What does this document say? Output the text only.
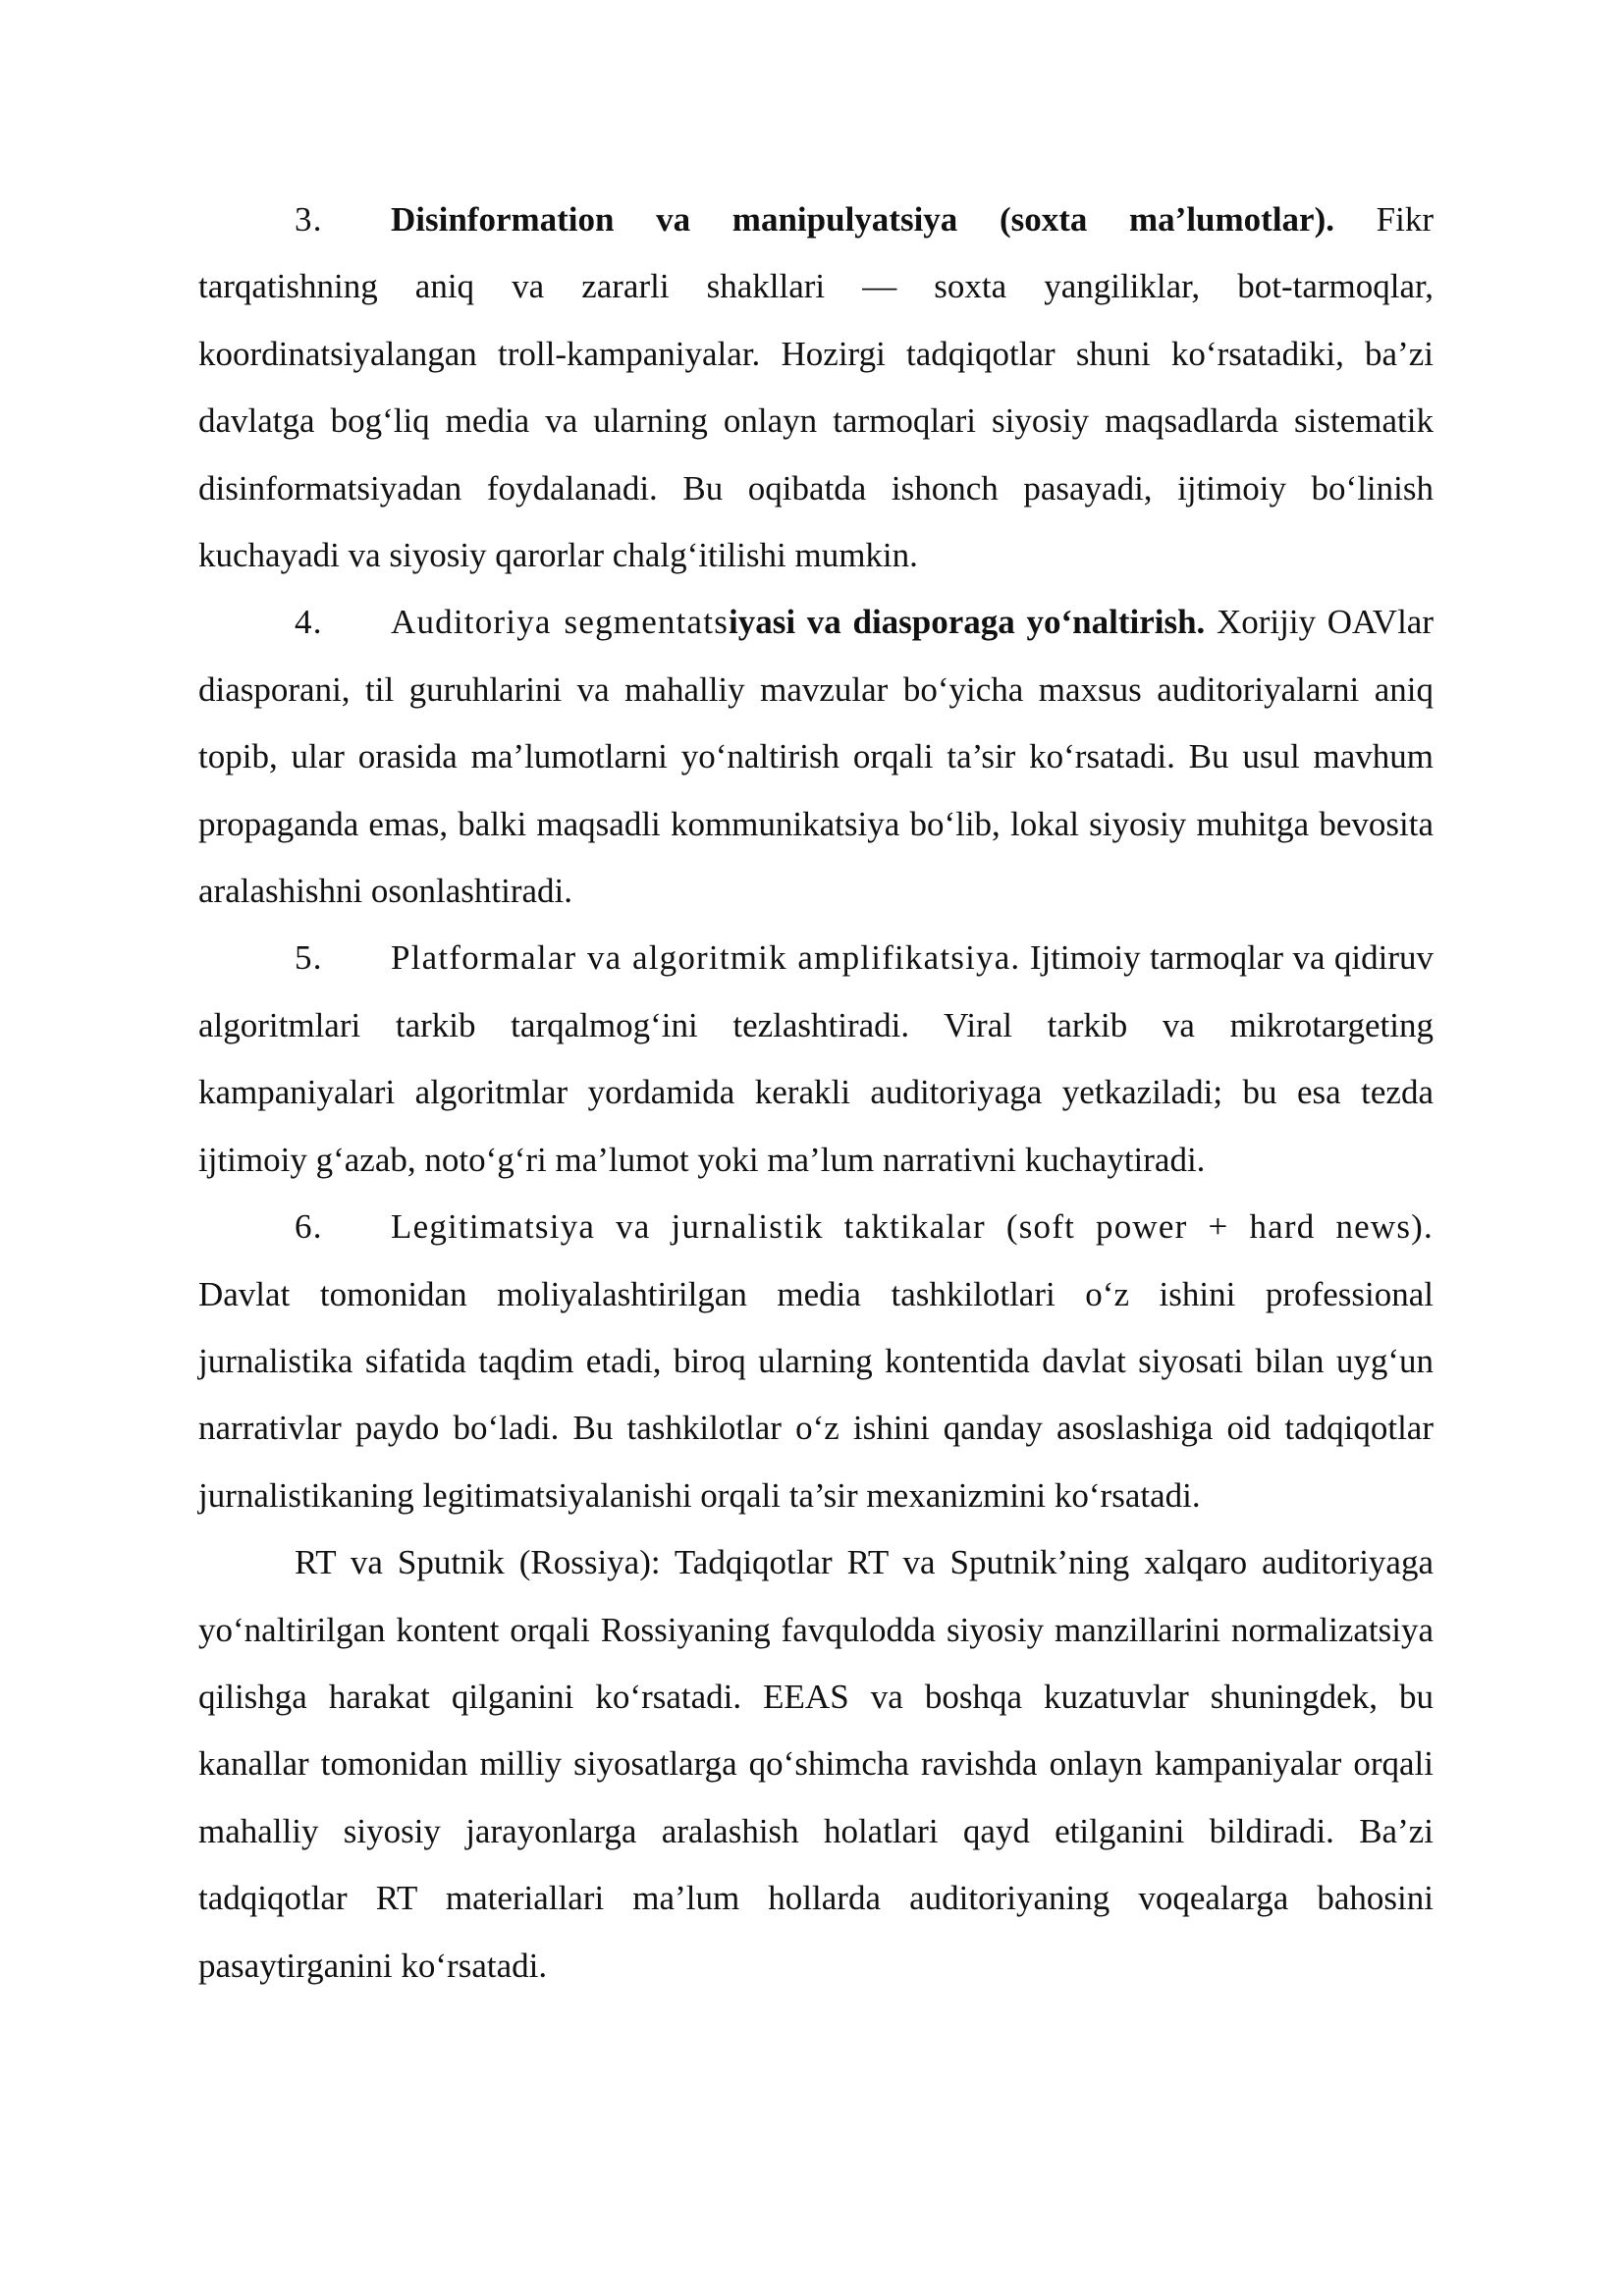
3. Disinformation va manipulyatsiya (soxta ma’lumotlar). Fikr tarqatishning aniq va zararli shakllari — soxta yangiliklar, bot-tarmoqlar, koordinatsiyalangan troll-kampaniyalar. Hozirgi tadqiqotlar shuni ko‘rsatadiki, ba’zi davlatga bog‘liq media va ularning onlayn tarmoqlari siyosiy maqsadlarda sistematik disinformatsiyadan foydalanadi. Bu oqibatda ishonch pasayadi, ijtimoiy bo‘linish kuchayadi va siyosiy qarorlar chalg‘itilishi mumkin.

4. Auditoriya segmentatsiyasi va diasporaga yo‘naltirish. Xorijiy OAVlar diasporani, til guruhlarini va mahalliy mavzular bo‘yicha maxsus auditoriyalarni aniq topib, ular orasida ma’lumotlarni yo‘naltirish orqali ta’sir ko‘rsatadi. Bu usul mavhum propaganda emas, balki maqsadli kommunikatsiya bo‘lib, lokal siyosiy muhitga bevosita aralashishni osonlashtiradi.

5. Platformalar va algoritmik amplifikatsiya. Ijtimoiy tarmoqlar va qidiruv algoritmlari tarkib tarqalmog‘ini tezlashtiradi. Viral tarkib va mikrotargeting kampaniyalari algoritmlar yordamida kerakli auditoriyaga yetkaziladi; bu esa tezda ijtimoiy g‘azab, noto‘g‘ri ma’lumot yoki ma’lum narrativni kuchaytiradi.

6. Legitimatsiya va jurnalistik taktikalar (soft power + hard news). Davlat tomonidan moliyalashtirilgan media tashkilotlari o‘z ishini professional jurnalistika sifatida taqdim etadi, biroq ularning kontentida davlat siyosati bilan uyg‘un narrativlar paydo bo‘ladi. Bu tashkilotlar o‘z ishini qanday asoslashiga oid tadqiqotlar jurnalistikaning legitimatsiyalanishi orqali ta’sir mexanizmini ko‘rsatadi.

RT va Sputnik (Rossiya): Tadqiqotlar RT va Sputnik’ning xalqaro auditoriyaga yo‘naltirilgan kontent orqali Rossiyaning favqulodda siyosiy manzillarini normalizatsiya qilishga harakat qilganini ko‘rsatadi. EEAS va boshqa kuzatuvlar shuningdek, bu kanallar tomonidan milliy siyosatlarga qo‘shimcha ravishda onlayn kampaniyalar orqali mahalliy siyosiy jarayonlarga aralashish holatlari qayd etilganini bildiradi. Ba’zi tadqiqotlar RT materiallari ma’lum hollarda auditoriyaning voqealarga bahosini pasaytirganini ko‘rsatadi.
